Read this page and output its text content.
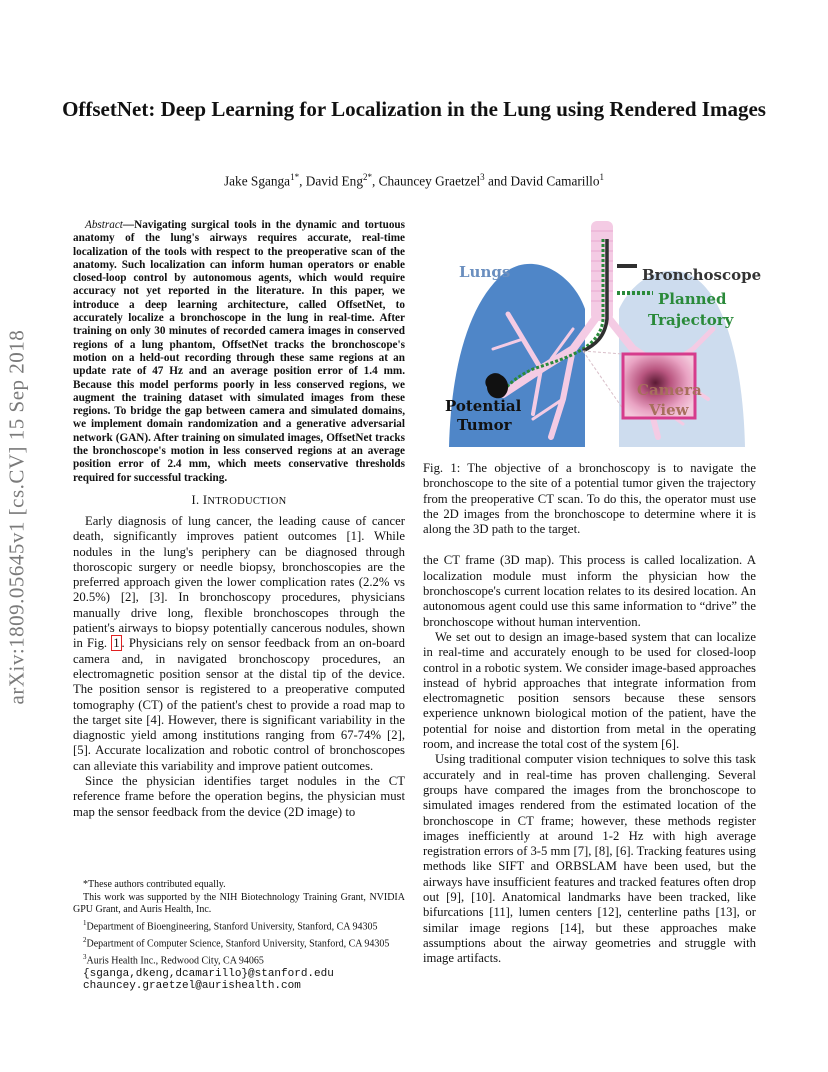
arXiv:1809.05645v1 [cs.CV] 15 Sep 2018
OffsetNet: Deep Learning for Localization in the Lung using Rendered Images
Jake Sganga$^{1*}$, David Eng$^{2*}$, Chauncey Graetzel$^3$ and David Camarillo$^1$

Abstract—Navigating surgical tools in the dynamic and tortuous anatomy of the lung's airways requires accurate, real-time localization of the tools with respect to the preoperative scan of the anatomy. Such localization can inform human operators or enable closed-loop control by autonomous agents, which would require accuracy not yet reported in the literature. In this paper, we introduce a deep learning architecture, called OffsetNet, to accurately localize a bronchoscope in the lung in real-time. After training on only 30 minutes of recorded camera images in conserved regions of a lung phantom, OffsetNet tracks the bronchoscope's motion on a held-out recording through these same regions at an update rate of 47 Hz and an average position error of 1.4 mm. Because this model performs poorly in less conserved regions, we augment the training dataset with simulated images from these regions. To bridge the gap between camera and simulated domains, we implement domain randomization and a generative adversarial network (GAN). After training on simulated images, OffsetNet tracks the bronchoscope's motion in less conserved regions at an average position error of 2.4 mm, which meets conservative thresholds required for successful tracking.

I. INTRODUCTION

Early diagnosis of lung cancer, the leading cause of cancer death, significantly improves patient outcomes [1]. While nodules in the lung's periphery can be diagnosed through thoroscopic surgery or needle biopsy, bronchoscopies are the preferred approach given the lower complication rates (2.2% vs 20.5%) [2], [3]. In bronchoscopy procedures, physicians manually drive long, flexible bronchoscopes through the patient's airways to biopsy potentially cancerous nodules, shown in Fig. 1 . Physicians rely on sensor feedback from an on-board camera and, in navigated bronchoscopy procedures, an electromagnetic position sensor at the distal tip of the device. The position sensor is registered to a preoperative computed tomography (CT) of the patient's chest to provide a road map to the target site [4]. However, there is significant variability in the diagnostic yield among institutions ranging from 67-74% [2], [5]. Accurate localization and robotic control of bronchoscopes can alleviate this variability and improve patient outcomes.

Since the physician identifies target nodules in the CT reference frame before the operation begins, the physician must map the sensor feedback from the device (2D image) to

*These authors contributed equally.

This work was supported by the NIH Biotechnology Training Grant, NVIDIA GPU Grant, and Auris Health, Inc.

$^1$Department of Bioengineering, Stanford University, Stanford, CA 94305

$^2$Department of Computer Science, Stanford University, Stanford, CA 94305

$^3$Auris Health Inc., Redwood City, CA 94065

{sganga,dkeng,dcamarillo}@stanford.edu

chauncey.graetzel@aurishealth.com

Lungs	Bronchoscope
Planned
Trajectory
Camera
View
Potential
Tumor

Fig. 1: The objective of a bronchoscopy is to navigate the bronchoscope to the site of a potential tumor given the trajectory from the preoperative CT scan. To do this, the operator must use the 2D images from the bronchoscope to determine where it is along the 3D path to the target.

the CT frame (3D map). This process is called localization. A localization module must inform the physician how the bronchoscope's current location relates to its desired location. An autonomous agent could use this same information to “drive” the bronchoscope without human intervention.

We set out to design an image-based system that can localize in real-time and accurately enough to be used for closed-loop control in a robotic system. We consider image-based approaches instead of hybrid approaches that integrate information from electromagnetic position sensors because these sensors experience unknown biological motion of the patient, have the potential for noise and distortion from metal in the operating room, and increase the total cost of the system [6].

Using traditional computer vision techniques to solve this task accurately and in real-time has proven challenging. Several groups have compared the images from the bronchoscope to simulated images rendered from the estimated location of the bronchoscope in CT frame; however, these methods register images inefficiently at around 1-2 Hz with high average registration errors of 3-5 mm [7], [8], [6]. Tracking features using methods like SIFT and ORBSLAM have been used, but the airways have insufficient features and tracked features often drop out [9], [10]. Anatomical landmarks have been tracked, like bifurcations [11], lumen centers [12], centerline paths [13], or similar image regions [14], but these approaches make assumptions about the airway geometries and struggle with image artifacts.
